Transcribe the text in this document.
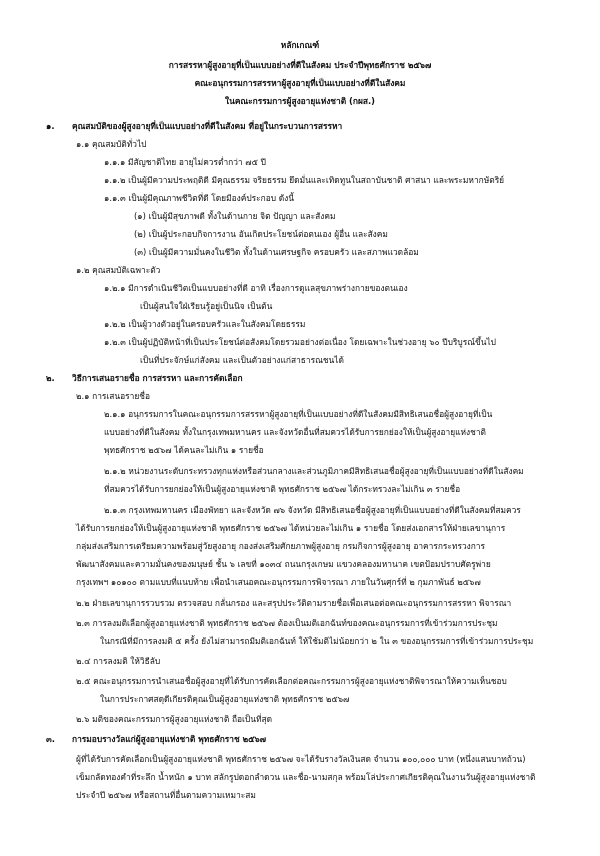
หลักเกณฑ์
การสรรหาผู้สูงอายุที่เป็นแบบอย่างที่ดีในสังคม ประจำปีพุทธศักราช ๒๕๖๗
คณะอนุกรรมการสรรหาผู้สูงอายุที่เป็นแบบอย่างที่ดีในสังคม
ในคณะกรรมการผู้สูงอายุแห่งชาติ (กผส.)
๑. คุณสมบัติของผู้สูงอายุที่เป็นแบบอย่างที่ดีในสังคม ที่อยู่ในกระบวนการสรรหา
๑.๑ คุณสมบัติทั่วไป
๑.๑.๑ มีสัญชาติไทย อายุไม่ควรต่ำกว่า ๗๕ ปี
๑.๑.๒ เป็นผู้มีความประพฤติดี มีคุณธรรม จริยธรรม ยึดมั่นและเทิดทูนในสถาบันชาติ ศาสนา และพระมหากษัตริย์
๑.๑.๓ เป็นผู้มีคุณภาพชีวิตที่ดี โดยมีองค์ประกอบ ดังนี้
(๑) เป็นผู้มีสุขภาพดี ทั้งในด้านกาย จิต ปัญญา และสังคม
(๒) เป็นผู้ประกอบกิจการงาน อันเกิดประโยชน์ต่อตนเอง ผู้อื่น และสังคม
(๓) เป็นผู้มีความมั่นคงในชีวิต ทั้งในด้านเศรษฐกิจ ครอบครัว และสภาพแวดล้อม
๑.๒ คุณสมบัติเฉพาะตัว
๑.๒.๑ มีการดำเนินชีวิตเป็นแบบอย่างที่ดี อาทิ เรื่องการดูแลสุขภาพร่างกายของตนเอง
เป็นผู้สนใจใฝ่เรียนรู้อยู่เป็นนิจ เป็นต้น
๑.๒.๒ เป็นผู้วางตัวอยู่ในครอบครัวและในสังคมโดยธรรม
๑.๒.๓ เป็นผู้ปฏิบัติหน้าที่เป็นประโยชน์ต่อสังคมโดยรวมอย่างต่อเนื่อง โดยเฉพาะในช่วงอายุ ๖๐ ปีบริบูรณ์ขึ้นไป
เป็นที่ประจักษ์แก่สังคม และเป็นตัวอย่างแก่สาธารณชนได้
๒. วิธีการเสนอรายชื่อ การสรรหา และการคัดเลือก
๒.๑ การเสนอรายชื่อ
๒.๑.๑ อนุกรรมการในคณะอนุกรรมการสรรหาผู้สูงอายุที่เป็นแบบอย่างที่ดีในสังคมมีสิทธิเสนอชื่อผู้สูงอายุที่เป็น
แบบอย่างที่ดีในสังคม ทั้งในกรุงเทพมหานคร และจังหวัดอื่นที่สมควรได้รับการยกย่องให้เป็นผู้สูงอายุแห่งชาติ
พุทธศักราช ๒๕๖๗ ได้คนละไม่เกิน ๑ รายชื่อ
๒.๑.๒ หน่วยงานระดับกระทรวงทุกแห่งหรือส่วนกลางและส่วนภูมิภาคมีสิทธิเสนอชื่อผู้สูงอายุที่เป็นแบบอย่างที่ดีในสังคม
ที่สมควรได้รับการยกย่องให้เป็นผู้สูงอายุแห่งชาติ พุทธศักราช ๒๕๖๗ ได้กระทรวงละไม่เกิน ๓ รายชื่อ
๒.๑.๓ กรุงเทพมหานคร เมืองพัทยา และจังหวัด ๗๖ จังหวัด มีสิทธิเสนอชื่อผู้สูงอายุที่เป็นแบบอย่างที่ดีในสังคมที่สมควร
ได้รับการยกย่องให้เป็นผู้สูงอายุแห่งชาติ พุทธศักราช ๒๕๖๗ ได้หน่วยละไม่เกิน ๑ รายชื่อ โดยส่งเอกสารให้ฝ่ายเลขานุการ
กลุ่มส่งเสริมการเตรียมความพร้อมสู่วัยสูงอายุ กองส่งเสริมศักยภาพผู้สูงอายุ กรมกิจการผู้สูงอายุ อาคารกระทรวงการ
พัฒนาสังคมและความมั่นคงของมนุษย์ ชั้น ๖ เลขที่ ๑๐๓๔ ถนนกรุงเกษม แขวงคลองมหานาค เขตป้อมปราบศัตรูพ่าย
กรุงเทพฯ ๑๐๑๐๐ ตามแบบที่แนบท้าย เพื่อนำเสนอคณะอนุกรรมการพิจารณา ภายในวันศุกร์ที่ ๒ กุมภาพันธ์ ๒๕๖๗
๒.๒ ฝ่ายเลขานุการรวบรวม ตรวจสอบ กลั่นกรอง และสรุปประวัติตามรายชื่อเพื่อเสนอต่อคณะอนุกรรมการสรรหา พิจารณา
๒.๓ การลงมติเลือกผู้สูงอายุแห่งชาติ พุทธศักราช ๒๕๖๗ ต้องเป็นมติเอกฉันท์ของคณะอนุกรรมการที่เข้าร่วมการประชุม
ในกรณีที่มีการลงมติ ๕ ครั้ง ยังไม่สามารถมีมติเอกฉันท์ ให้ใช้มติไม่น้อยกว่า ๒ ใน ๓ ของอนุกรรมการที่เข้าร่วมการประชุม
๒.๔ การลงมติ ให้วิธีลับ
๒.๕ คณะอนุกรรมการนำเสนอชื่อผู้สูงอายุที่ได้รับการคัดเลือกต่อคณะกรรมการผู้สูงอายุแห่งชาติพิจารณาให้ความเห็นชอบ
ในการประกาศสดุดีเกียรติคุณเป็นผู้สูงอายุแห่งชาติ พุทธศักราช ๒๕๖๗
๒.๖ มติของคณะกรรมการผู้สูงอายุแห่งชาติ ถือเป็นที่สุด
๓. การมอบรางวัลแก่ผู้สูงอายุแห่งชาติ พุทธศักราช ๒๕๖๗
ผู้ที่ได้รับการคัดเลือกเป็นผู้สูงอายุแห่งชาติ พุทธศักราช ๒๕๖๗ จะได้รับรางวัลเงินสด จำนวน ๑๐๐,๐๐๐ บาท (หนึ่งแสนบาทถ้วน)
เข็มกลัดทองคำที่ระลึก น้ำหนัก ๑ บาท สลักรูปดอกลำดวน และชื่อ-นามสกุล พร้อมโล่ประกาศเกียรติคุณในงานวันผู้สูงอายุแห่งชาติ
ประจำปี ๒๕๖๗ หรือสถานที่อื่นตามความเหมาะสม
